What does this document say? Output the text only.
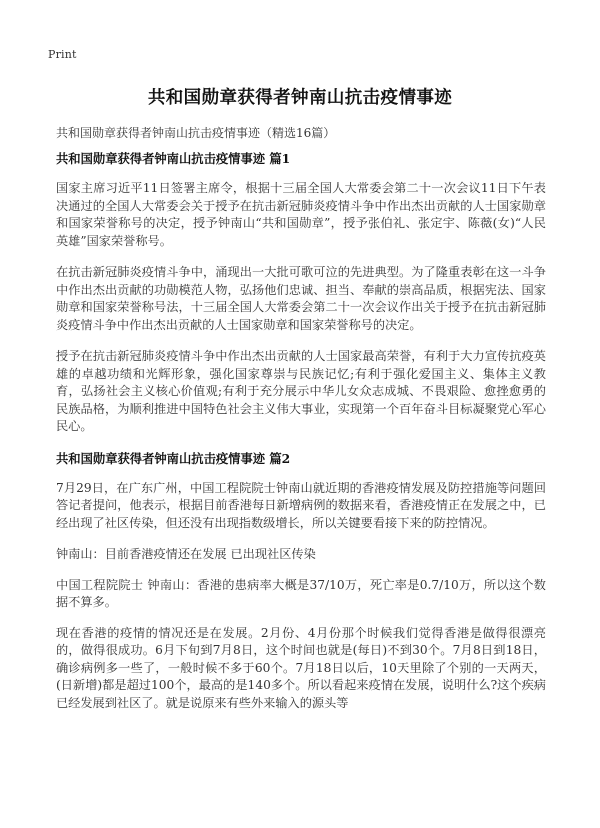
Print
共和国勋章获得者钟南山抗击疫情事迹
共和国勋章获得者钟南山抗击疫情事迹（精选16篇）
共和国勋章获得者钟南山抗击疫情事迹 篇1

国家主席习近平11日签署主席令，根据十三届全国人大常委会第二十一次会议11日下午表决通过的全国人大常委会关于授予在抗击新冠肺炎疫情斗争中作出杰出贡献的人士国家勋章和国家荣誉称号的决定，授予钟南山“共和国勋章”，授予张伯礼、张定宇、陈薇(女)“人民英雄”国家荣誉称号。

在抗击新冠肺炎疫情斗争中，涌现出一大批可歌可泣的先进典型。为了隆重表彰在这一斗争中作出杰出贡献的功勋模范人物，弘扬他们忠诚、担当、奉献的崇高品质，根据宪法、国家勋章和国家荣誉称号法，十三届全国人大常委会第二十一次会议作出关于授予在抗击新冠肺炎疫情斗争中作出杰出贡献的人士国家勋章和国家荣誉称号的决定。

授予在抗击新冠肺炎疫情斗争中作出杰出贡献的人士国家最高荣誉，有利于大力宣传抗疫英雄的卓越功绩和光辉形象，强化国家尊崇与民族记忆;有利于强化爱国主义、集体主义教育，弘扬社会主义核心价值观;有利于充分展示中华儿女众志成城、不畏艰险、愈挫愈勇的民族品格，为顺利推进中国特色社会主义伟大事业，实现第一个百年奋斗目标凝聚党心军心民心。

共和国勋章获得者钟南山抗击疫情事迹 篇2

7月29日，在广东广州，中国工程院院士钟南山就近期的香港疫情发展及防控措施等问题回答记者提问，他表示，根据目前香港每日新增病例的数据来看，香港疫情正在发展之中，已经出现了社区传染，但还没有出现指数级增长，所以关键要看接下来的防控情况。

钟南山：目前香港疫情还在发展 已出现社区传染

中国工程院院士 钟南山：香港的患病率大概是37/10万，死亡率是0.7/10万，所以这个数据不算多。

现在香港的疫情的情况还是在发展。2月份、4月份那个时候我们觉得香港是做得很漂亮的，做得很成功。6月下旬到7月8日，这个时间也就是(每日)不到30个。7月8日到18日，确诊病例多一些了，一般时候不多于60个。7月18日以后，10天里除了个别的一天两天，(日新增)都是超过100个，最高的是140多个。所以看起来疫情在发展，说明什么?这个疾病已经发展到社区了。就是说原来有些外来输入的源头等
